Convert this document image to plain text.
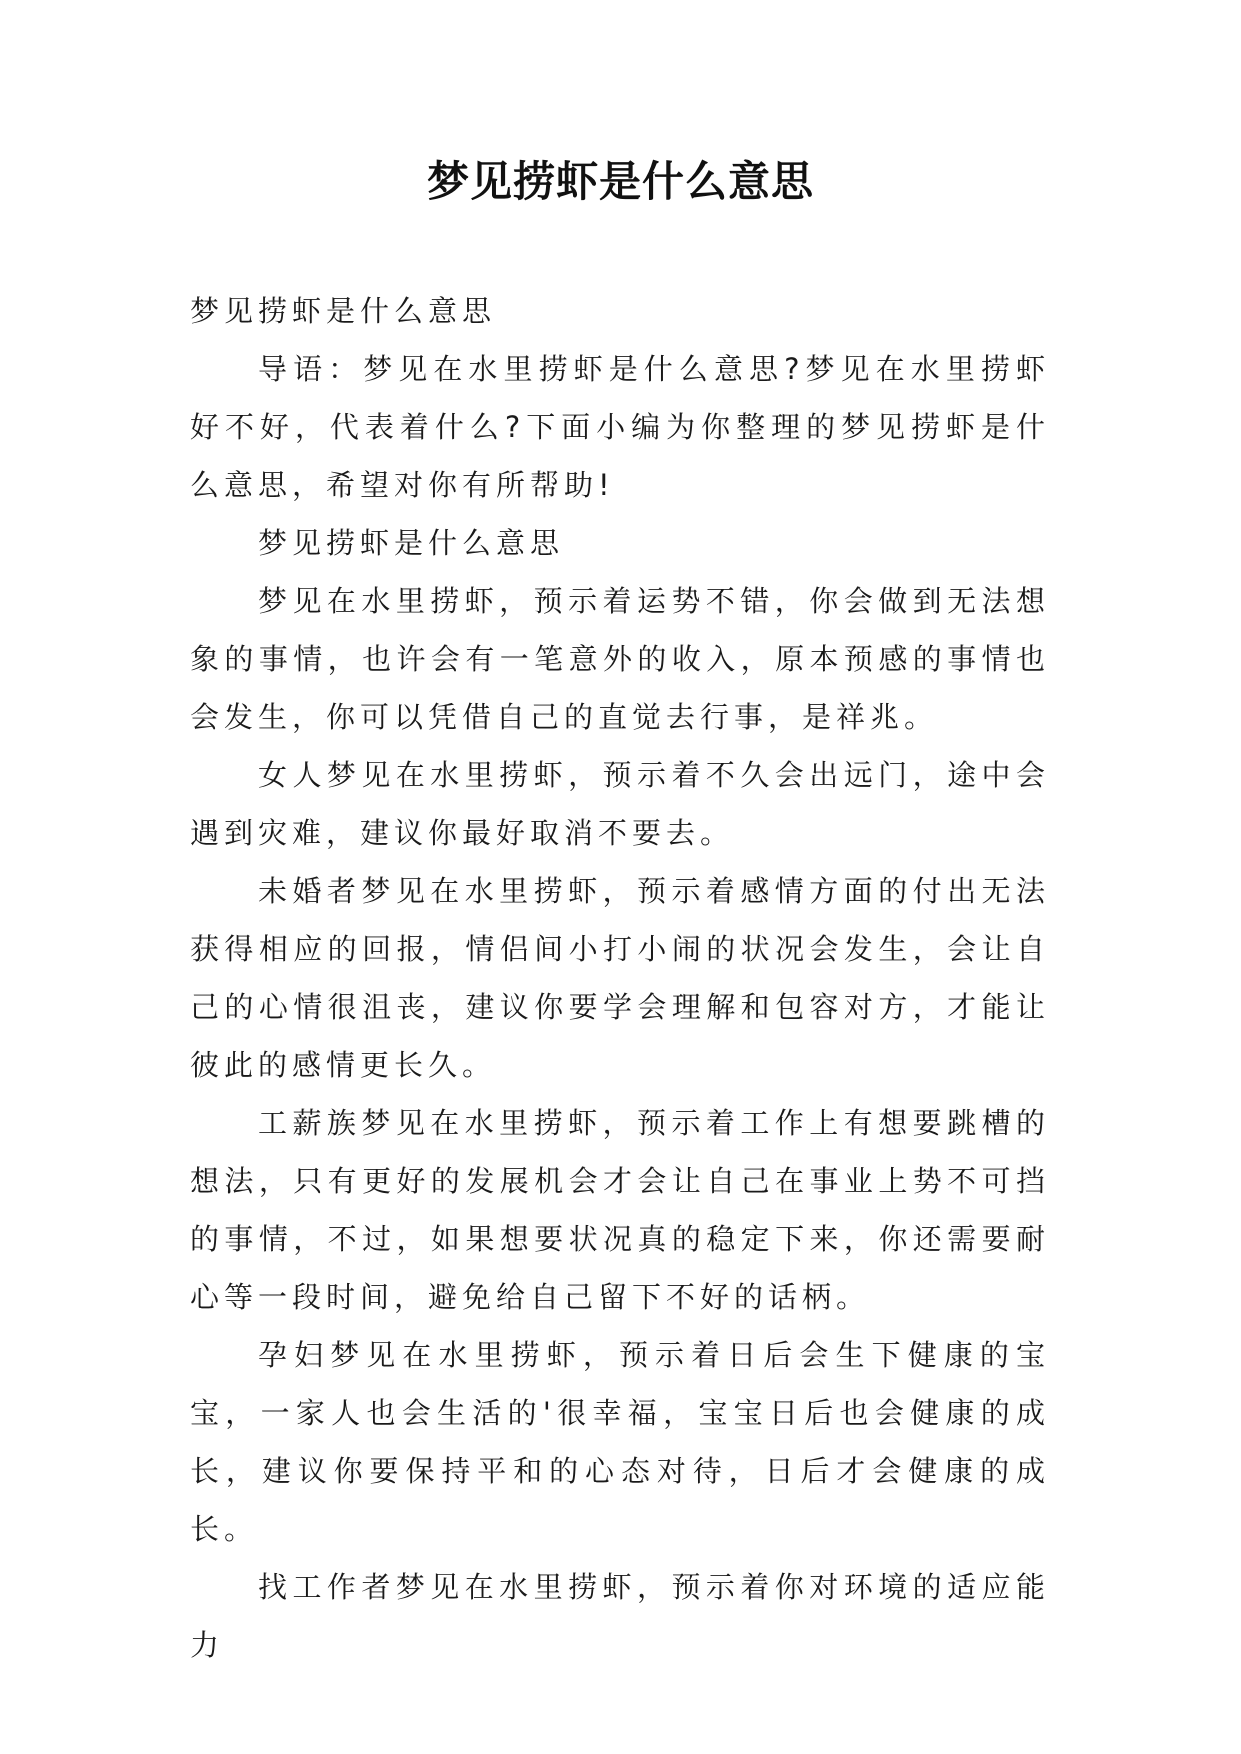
梦见捞虾是什么意思

梦见捞虾是什么意思

导语：梦见在水里捞虾是什么意思?梦见在水里捞虾好不好，代表着什么?下面小编为你整理的梦见捞虾是什么意思，希望对你有所帮助!

梦见捞虾是什么意思

梦见在水里捞虾，预示着运势不错，你会做到无法想象的事情，也许会有一笔意外的收入，原本预感的事情也会发生，你可以凭借自己的直觉去行事，是祥兆。

女人梦见在水里捞虾，预示着不久会出远门，途中会遇到灾难，建议你最好取消不要去。

未婚者梦见在水里捞虾，预示着感情方面的付出无法获得相应的回报，情侣间小打小闹的状况会发生，会让自己的心情很沮丧，建议你要学会理解和包容对方，才能让彼此的感情更长久。

工薪族梦见在水里捞虾，预示着工作上有想要跳槽的想法，只有更好的发展机会才会让自己在事业上势不可挡的事情，不过，如果想要状况真的稳定下来，你还需要耐心等一段时间，避免给自己留下不好的话柄。

孕妇梦见在水里捞虾，预示着日后会生下健康的宝宝，一家人也会生活的'很幸福，宝宝日后也会健康的成长，建议你要保持平和的心态对待，日后才会健康的成长。

找工作者梦见在水里捞虾，预示着你对环境的适应能力
